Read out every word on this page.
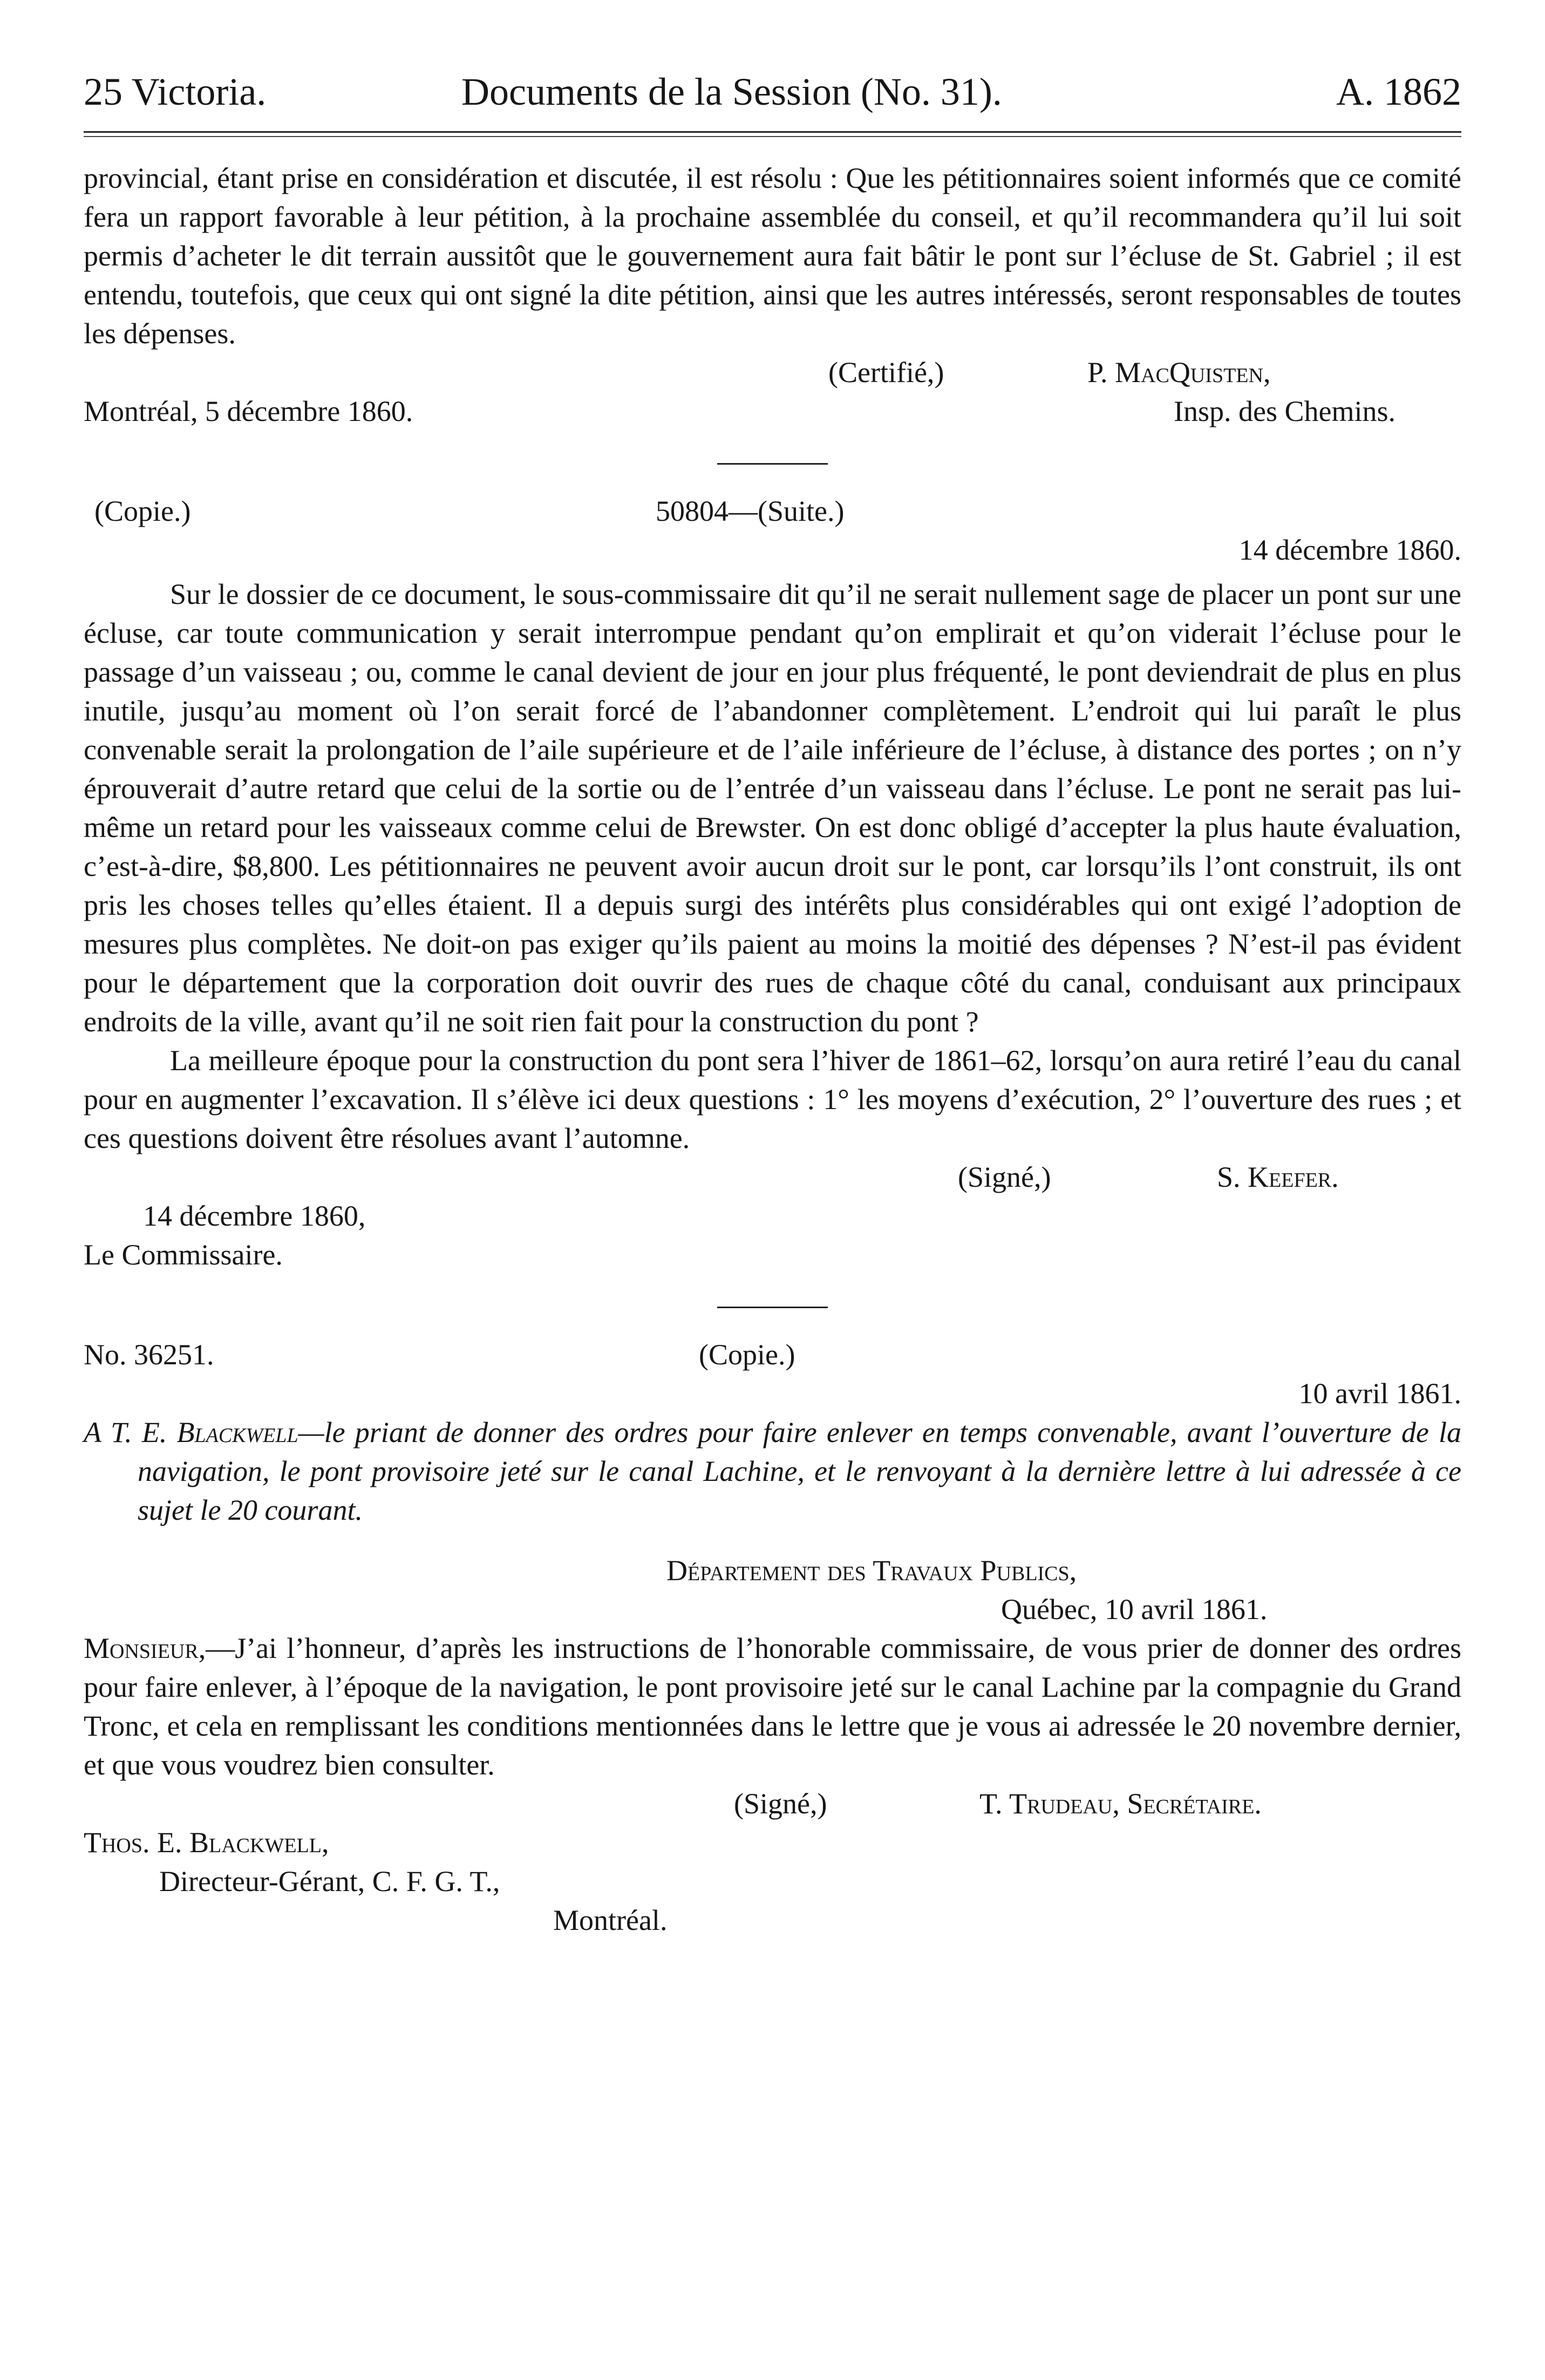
25 Victoria.	Documents de la Session (No. 31).	A. 1862

provincial, étant prise en considération et discutée, il est résolu : Que les pétitionnaires soient informés que ce comité fera un rapport favorable à leur pétition, à la prochaine assemblée du conseil, et qu’il recommandera qu’il lui soit permis d’acheter le dit terrain aussitôt que le gouvernement aura fait bâtir le pont sur l’écluse de St. Gabriel ; il est entendu, toutefois, que ceux qui ont signé la dite pétition, ainsi que les autres intéressés, seront responsables de toutes les dépenses.

(Certifié,)	P. MacQuisten,
Montréal, 5 décembre 1860.	Insp. des Chemins.
(Copie.)	50804—(Suite.)
14 décembre 1860.

Sur le dossier de ce document, le sous-commissaire dit qu’il ne serait nullement sage de placer un pont sur une écluse, car toute communication y serait interrompue pendant qu’on emplirait et qu’on viderait l’écluse pour le passage d’un vaisseau ; ou, comme le canal devient de jour en jour plus fréquenté, le pont deviendrait de plus en plus inutile, jusqu’au moment où l’on serait forcé de l’abandonner complètement. L’endroit qui lui paraît le plus convenable serait la prolongation de l’aile supérieure et de l’aile inférieure de l’écluse, à distance des portes ; on n’y éprouverait d’autre retard que celui de la sortie ou de l’entrée d’un vaisseau dans l’écluse. Le pont ne serait pas lui-même un retard pour les vaisseaux comme celui de Brewster. On est donc obligé d’accepter la plus haute évaluation, c’est-à-dire, $8,800. Les pétitionnaires ne peuvent avoir aucun droit sur le pont, car lorsqu’ils l’ont construit, ils ont pris les choses telles qu’elles étaient. Il a depuis surgi des intérêts plus considérables qui ont exigé l’adoption de mesures plus complètes. Ne doit-on pas exiger qu’ils paient au moins la moitié des dépenses ? N’est-il pas évident pour le département que la corporation doit ouvrir des rues de chaque côté du canal, conduisant aux principaux endroits de la ville, avant qu’il ne soit rien fait pour la construction du pont ?

La meilleure époque pour la construction du pont sera l’hiver de 1861–62, lorsqu’on aura retiré l’eau du canal pour en augmenter l’excavation. Il s’élève ici deux questions : 1° les moyens d’exécution, 2° l’ouverture des rues ; et ces questions doivent être résolues avant l’automne.

(Signé,)	S. Keefer.
14 décembre 1860,
Le Commissaire.
No. 36251.	(Copie.)
10 avril 1861.

A T. E. Blackwell—le priant de donner des ordres pour faire enlever en temps convenable, avant l’ouverture de la navigation, le pont provisoire jeté sur le canal Lachine, et le renvoyant à la dernière lettre à lui adressée à ce sujet le 20 courant.

Département des Travaux Publics,
Québec, 10 avril 1861.

Monsieur,—J’ai l’honneur, d’après les instructions de l’honorable commissaire, de vous prier de donner des ordres pour faire enlever, à l’époque de la navigation, le pont provisoire jeté sur le canal Lachine par la compagnie du Grand Tronc, et cela en remplissant les conditions mentionnées dans le lettre que je vous ai adressée le 20 novembre dernier, et que vous voudrez bien consulter.

(Signé,)	T. Trudeau, Secrétaire.
Thos. E. Blackwell,
Directeur-Gérant, C. F. G. T.,
Montréal.
